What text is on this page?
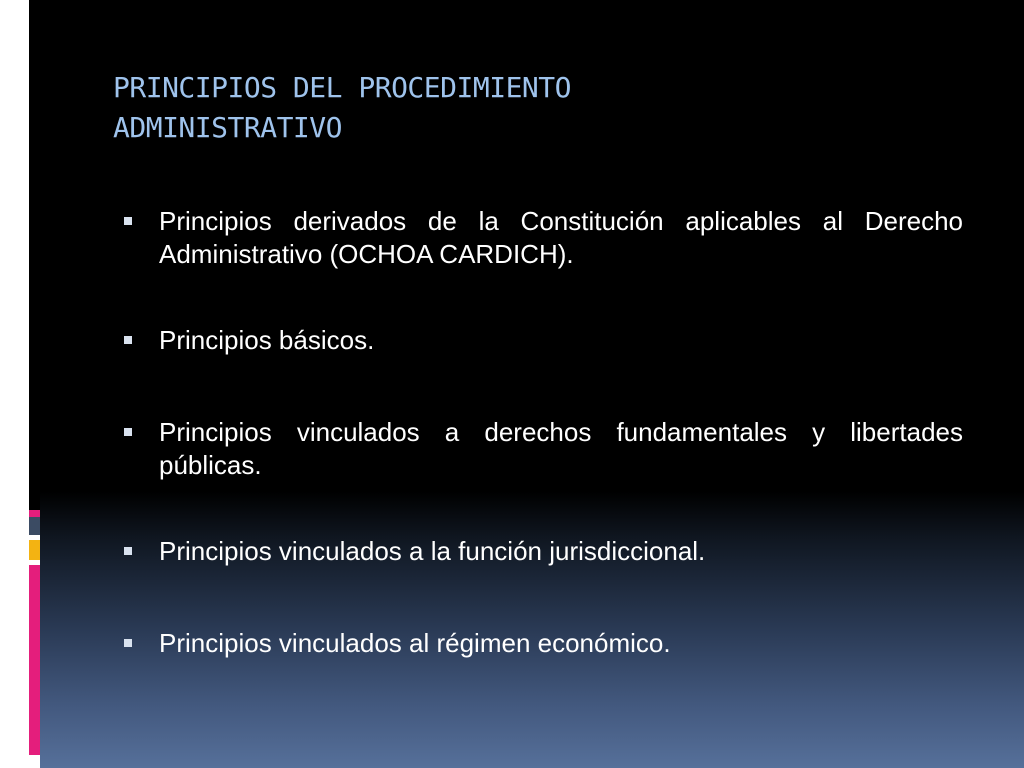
PRINCIPIOS DEL PROCEDIMIENTO ADMINISTRATIVO
Principios derivados de la Constitución aplicables al Derecho Administrativo (OCHOA CARDICH).
Principios básicos.
Principios vinculados a derechos fundamentales y libertades públicas.
Principios vinculados a la función jurisdiccional.
Principios vinculados al régimen económico.
